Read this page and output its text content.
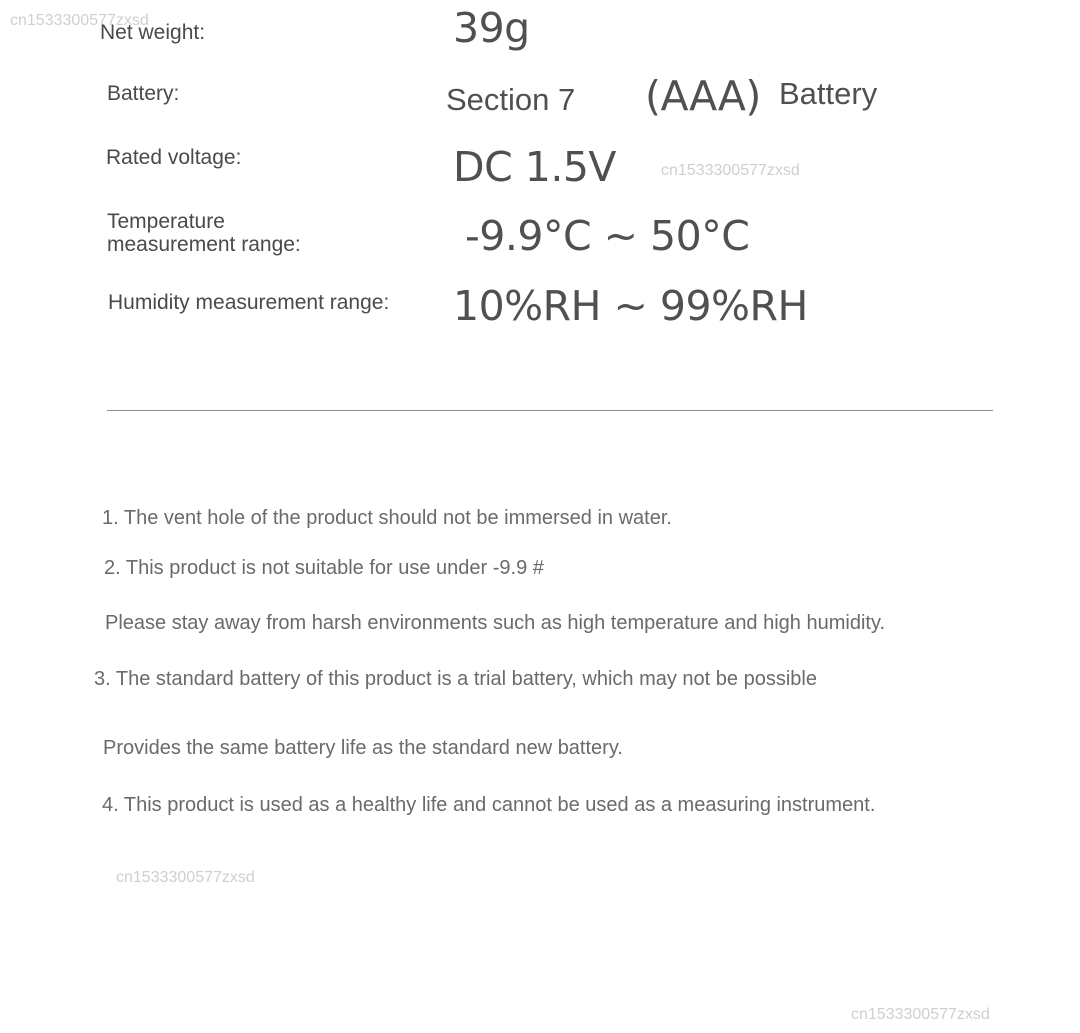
cn1533300577zxsd
cn1533300577zxsd
cn1533300577zxsd
cn1533300577zxsd
Net weight:	39g
Battery:	Section 7 (AAA) Battery
Rated voltage:	DC 1.5V
Temperature
measurement range:	-9.9°C ~ 50°C
Humidity measurement range: 10%RH ~ 99%RH
1. The vent hole of the product should not be immersed in water.
2. This product is not suitable for use under -9.9 #
Please stay away from harsh environments such as high temperature and high humidity.
3. The standard battery of this product is a trial battery, which may not be possible
Provides the same battery life as the standard new battery.
4. This product is used as a healthy life and cannot be used as a measuring instrument.
